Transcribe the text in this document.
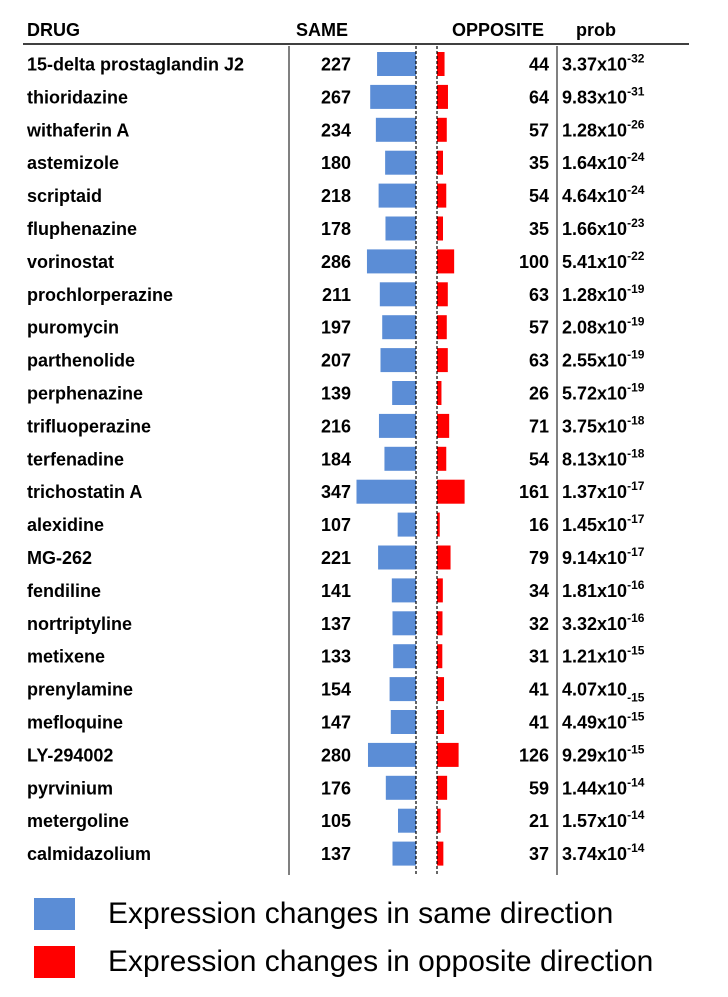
DRUG	SAME	OPPOSITE prob
15-delta prostaglandin J2	227	44 $3.37x10^{-32}$
thioridazine	267	64 $9.83x10^{-31}$
withaferin A	234	57 $1.28x10^{-26}$
astemizole	180	35 $1.64x10^{-24}$
scriptaid	218	54 $4.64x10^{-24}$
fluphenazine	178	35 $1.66x10^{-23}$
vorinostat	286	100 $5.41x10^{-22}$
prochlorperazine	211	63 $1.28x10^{-19}$
puromycin	197	57 $2.08x10^{-19}$
parthenolide	207	63 $2.55x10^{-19}$
perphenazine	139	26 $5.72x10^{-19}$
trifluoperazine	216	71 $3.75x10^{-18}$
terfenadine	184	54 $8.13x10^{-18}$
trichostatin A	347	161 $1.37x10^{-17}$
alexidine	107	16 $1.45x10^{-17}$
MG-262	221	79 $9.14x10^{-17}$
fendiline	141	34 $1.81x10^{-16}$
nortriptyline	137	32 $3.32x10^{-16}$
metixene	133	31 $1.21x10^{-15}$
prenylamine	154	41 $4.07x10_{-15}$
mefloquine	147	41 $4.49x10^{-15}$
LY-294002	280	126 $9.29x10^{-15}$
pyrvinium	176	59 $1.44x10^{-14}$
metergoline	105	21 $1.57x10^{-14}$
calmidazolium	137	37 $3.74x10^{-14}$
Expression changes in same direction
Expression changes in opposite direction
